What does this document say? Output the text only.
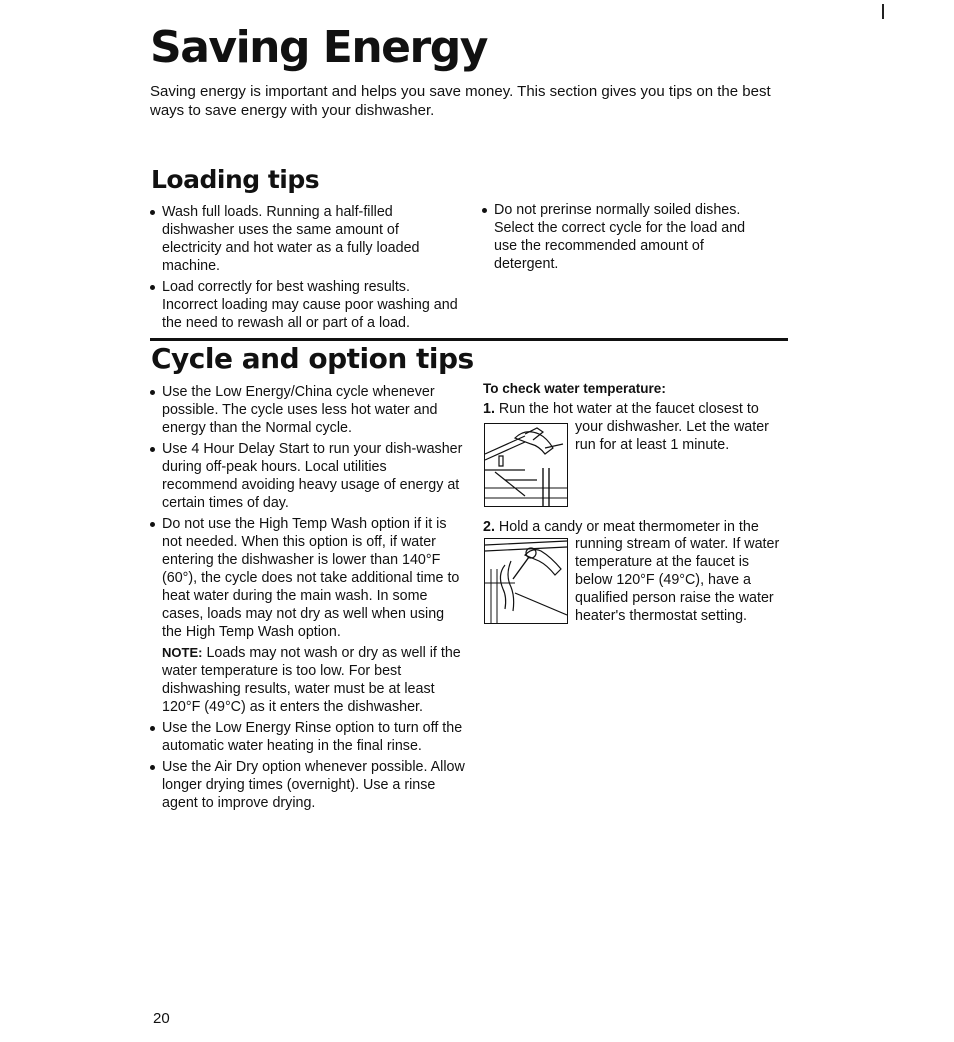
Saving Energy

Saving energy is important and helps you save money. This section gives you tips on the best ways to save energy with your dishwasher.

Loading tips
Wash full loads. Running a half-filled dishwasher uses the same amount of electricity and hot water as a fully loaded machine.
Load correctly for best washing results. Incorrect loading may cause poor washing and the need to rewash all or part of a load.
Do not prerinse normally soiled dishes. Select the correct cycle for the load and use the recommended amount of detergent.
Cycle and option tips
Use the Low Energy/China cycle whenever possible. The cycle uses less hot water and energy than the Normal cycle.
Use 4 Hour Delay Start to run your dish-washer during off-peak hours. Local utilities recommend avoiding heavy usage of energy at certain times of day.
Do not use the High Temp Wash option if it is not needed. When this option is off, if water entering the dishwasher is lower than 140°F (60°), the cycle does not take additional time to heat water during the main wash. In some cases, loads may not dry as well when using the High Temp Wash option.

NOTE: Loads may not wash or dry as well if the water temperature is too low. For best dishwashing results, water must be at least 120°F (49°C) as it enters the dishwasher.

Use the Low Energy Rinse option to turn off the automatic water heating in the final rinse.
Use the Air Dry option whenever possible. Allow longer drying times (overnight). Use a rinse agent to improve drying.

To check water temperature:

1. Run the hot water at the faucet closest to
your dishwasher. Let the water run for at least 1 minute.
2. Hold a candy or meat thermometer in the
running stream of water. If water temperature at the faucet is below 120°F (49°C), have a qualified person raise the water heater's thermostat setting.
20
